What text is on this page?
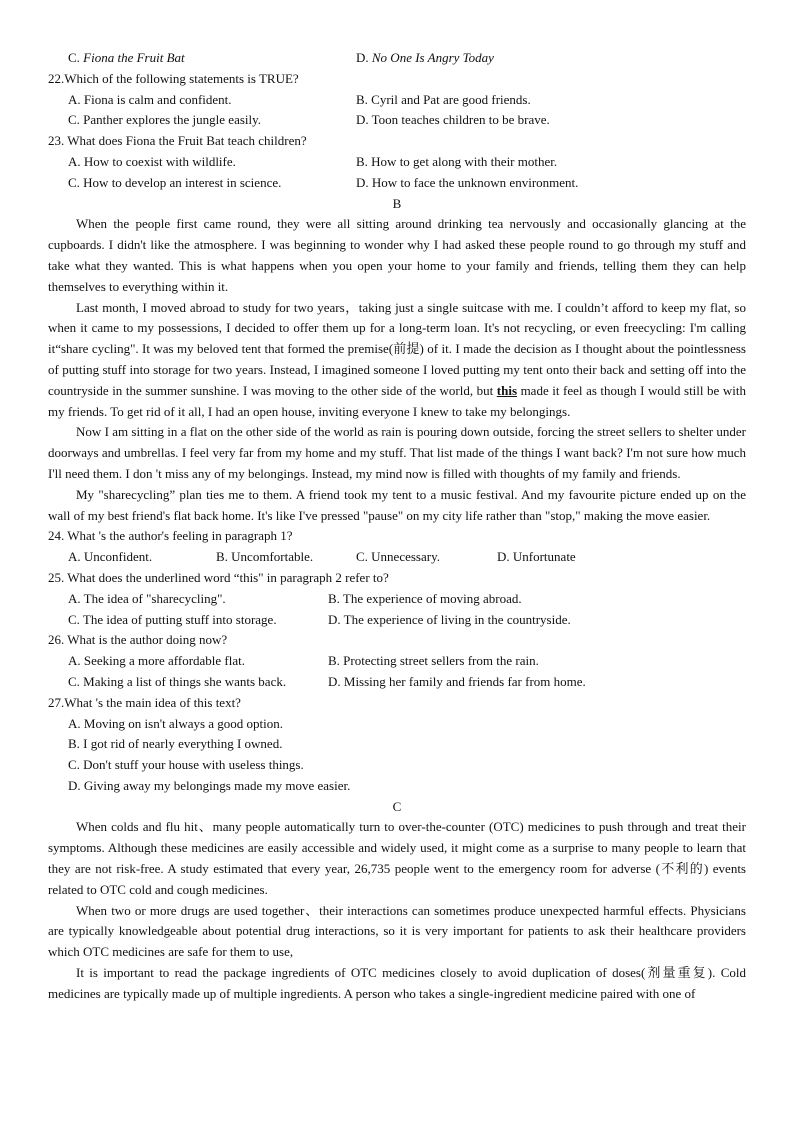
C. Fiona the Fruit Bat	D. No One Is Angry Today
22.Which of the following statements is TRUE?
A. Fiona is calm and confident.	B. Cyril and Pat are good friends.
C. Panther explores the jungle easily.	D. Toon teaches children to be brave.
23. What does Fiona the Fruit Bat teach children?
A. How to coexist with wildlife.	B. How to get along with their mother.
C. How to develop an interest in science.	D. How to face the unknown environment.
B

When the people first came round, they were all sitting around drinking tea nervously and occasionally glancing at the cupboards. I didn't like the atmosphere. I was beginning to wonder why I had asked these people round to go through my stuff and take what they wanted. This is what happens when you open your home to your family and friends, telling them they can help themselves to everything within it.

Last month, I moved abroad to study for two years，taking just a single suitcase with me. I couldn’t afford to keep my flat, so when it came to my possessions, I decided to offer them up for a long-term loan. It's not recycling, or even freecycling: I'm calling it“share cycling". It was my beloved tent that formed the premise(前提) of it. I made the decision as I thought about the pointlessness of putting stuff into storage for two years. Instead, I imagined someone I loved putting my tent onto their back and setting off into the countryside in the summer sunshine. I was moving to the other side of the world, but this made it feel as though I would still be with my friends. To get rid of it all, I had an open house, inviting everyone I knew to take my belongings.

Now I am sitting in a flat on the other side of the world as rain is pouring down outside, forcing the street sellers to shelter under doorways and umbrellas. I feel very far from my home and my stuff. That list made of the things I want back? I'm not sure how much I'll need them. I don 't miss any of my belongings. Instead, my mind now is filled with thoughts of my family and friends.

My "sharecycling” plan ties me to them. A friend took my tent to a music festival. And my favourite picture ended up on the wall of my best friend's flat back home. It's like I've pressed "pause" on my city life rather than "stop," making the move easier.

24. What 's the author's feeling in paragraph 1?
A. Unconfident.	B. Uncomfortable.	C. Unnecessary.	D. Unfortunate
25. What does the underlined word “this" in paragraph 2 refer to?
A. The idea of "sharecycling".	B. The experience of moving abroad.
C. The idea of putting stuff into storage.	D. The experience of living in the countryside.
26. What is the author doing now?
A. Seeking a more affordable flat.	B. Protecting street sellers from the rain.
C. Making a list of things she wants back.	D. Missing her family and friends far from home.
27.What 's the main idea of this text?
A. Moving on isn't always a good option.
B. I got rid of nearly everything I owned.
C. Don't stuff your house with useless things.
D. Giving away my belongings made my move easier.
C

When colds and flu hit、many people automatically turn to over-the-counter (OTC) medicines to push through and treat their symptoms. Although these medicines are easily accessible and widely used, it might come as a surprise to many people to learn that they are not risk-free. A study estimated that every year, 26,735 people went to the emergency room for adverse (不利的) events related to OTC cold and cough medicines.

When two or more drugs are used together、their interactions can sometimes produce unexpected harmful effects. Physicians are typically knowledgeable about potential drug interactions, so it is very important for patients to ask their healthcare providers which OTC medicines are safe for them to use,

It is important to read the package ingredients of OTC medicines closely to avoid duplication of doses(剂量重复). Cold medicines are typically made up of multiple ingredients. A person who takes a single-ingredient medicine paired with one of
